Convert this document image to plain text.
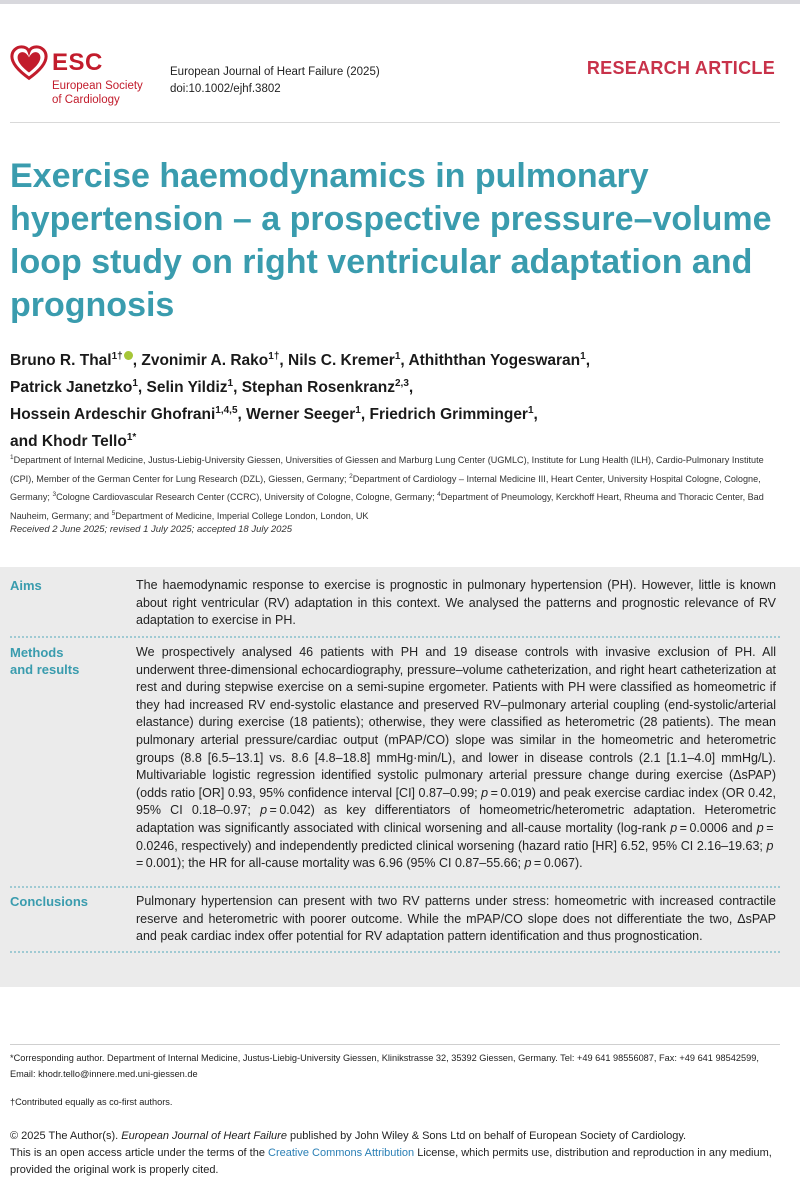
ESC
European Society
of Cardiology
European Journal of Heart Failure (2025)
doi:10.1002/ejhf.3802
RESEARCH ARTICLE
Exercise haemodynamics in pulmonary hypertension – a prospective pressure–volume loop study on right ventricular adaptation and prognosis
Bruno R. Thal$^{1\dagger}$ , Zvonimir A. Rako$^{1\dagger}$, Nils C. Kremer$^1$, Athiththan Yogeswaran$^1$,
Patrick Janetzko$^1$, Selin Yildiz$^1$, Stephan Rosenkranz$^{2,3}$,
Hossein Ardeschir Ghofrani$^{1,4,5}$, Werner Seeger$^1$, Friedrich Grimminger$^1$,
and Khodr Tello$^{1*}$
$^1$Department of Internal Medicine, Justus-Liebig-University Giessen, Universities of Giessen and Marburg Lung Center (UGMLC), Institute for Lung Health (ILH), Cardio-Pulmonary Institute (CPI), Member of the German Center for Lung Research (DZL), Giessen, Germany; $^2$Department of Cardiology – Internal Medicine III, Heart Center, University Hospital Cologne, Cologne, Germany; $^3$Cologne Cardiovascular Research Center (CCRC), University of Cologne, Cologne, Germany; $^4$Department of Pneumology, Kerckhoff Heart, Rheuma and Thoracic Center, Bad Nauheim, Germany; and $^5$Department of Medicine, Imperial College London, London, UK
Received 2 June 2025; revised 1 July 2025; accepted 18 July 2025
Aims	The haemodynamic response to exercise is prognostic in pulmonary hypertension (PH). However, little is known about right ventricular (RV) adaptation in this context. We analysed the patterns and prognostic relevance of RV adaptation to exercise in PH.
Methods
and results
We prospectively analysed 46 patients with PH and 19 disease controls with invasive exclusion of PH. All underwent three-dimensional echocardiography, pressure–volume catheterization, and right heart catheterization at rest and during stepwise exercise on a semi-supine ergometer. Patients with PH were classified as homeometric if they had increased RV end-systolic elastance and preserved RV–pulmonary arterial coupling (end-systolic/arterial elastance) during exercise (18 patients); otherwise, they were classified as heterometric (28 patients). The mean pulmonary arterial pressure/cardiac output (mPAP/CO) slope was similar in the homeometric and heterometric groups (8.8 [6.5–13.1] vs. 8.6 [4.8–18.8] mmHg·min/L), and lower in disease controls (2.1 [1.1–4.0] mmHg/L). Multivariable logistic regression identified systolic pulmonary arterial pressure change during exercise (ΔsPAP) (odds ratio [OR] 0.93, 95% confidence interval [CI] 0.87–0.99; p = 0.019) and peak exercise cardiac index (OR 0.42, 95% CI 0.18–0.97; p = 0.042) as key differentiators of homeometric/heterometric adaptation. Heterometric adaptation was significantly associated with clinical worsening and all-cause mortality (log-rank p = 0.0006 and p = 0.0246, respectively) and independently predicted clinical worsening (hazard ratio [HR] 6.52, 95% CI 2.16–19.63; p = 0.001); the HR for all-cause mortality was 6.96 (95% CI 0.87–55.66; p = 0.067).
Conclusions	Pulmonary hypertension can present with two RV patterns under stress: homeometric with increased contractile reserve and heterometric with poorer outcome. While the mPAP/CO slope does not differentiate the two, ΔsPAP and peak cardiac index offer potential for RV adaptation pattern identification and thus prognostication.
*Corresponding author. Department of Internal Medicine, Justus-Liebig-University Giessen, Klinikstrasse 32, 35392 Giessen, Germany. Tel: +49 641 98556087, Fax: +49 641 98542599, Email: khodr.tello@innere.med.uni-giessen.de
†Contributed equally as co-first authors.
© 2025 The Author(s). European Journal of Heart Failure published by John Wiley & Sons Ltd on behalf of European Society of Cardiology.
This is an open access article under the terms of the Creative Commons Attribution License, which permits use, distribution and reproduction in any medium, provided the original work is properly cited.
